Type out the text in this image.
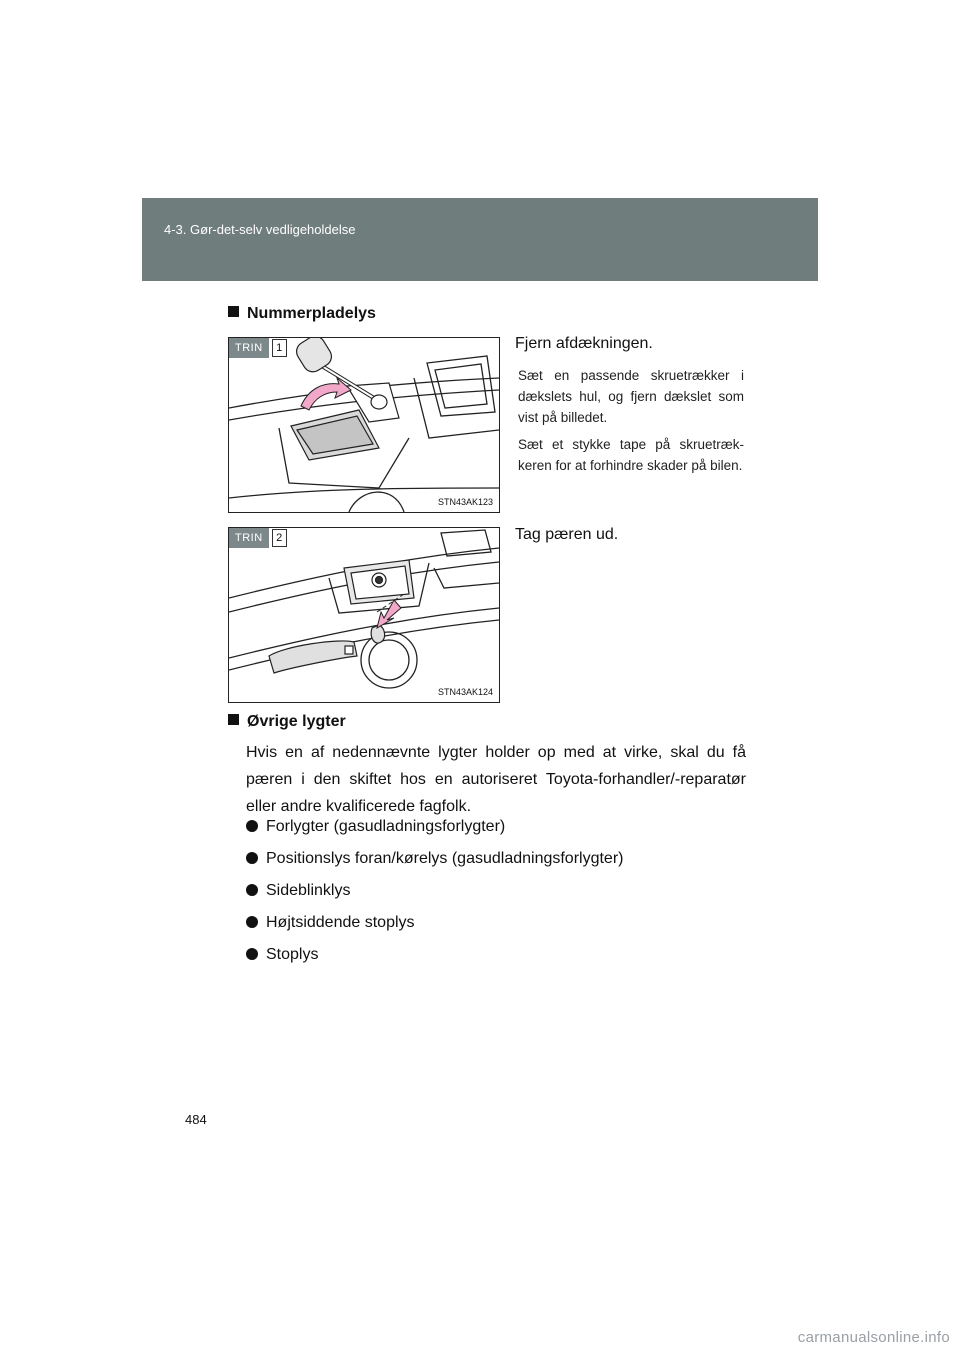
4-3. Gør-det-selv vedligeholdelse
Nummerpladelys
TRIN	1
STN43AK123
Fjern afdækningen.
Sæt en passende skruetrækker i dækslets hul, og fjern dækslet som vist på billedet.
Sæt et stykke tape på skruetræk-keren for at forhindre skader på bilen.
TRIN	2
STN43AK124
Tag pæren ud.
Øvrige lygter
Hvis en af nedennævnte lygter holder op med at virke, skal du få pæren i den skiftet hos en autoriseret Toyota-forhandler/-reparatør eller andre kvalificerede fagfolk.
Forlygter (gasudladningsforlygter)
Positionslys foran/kørelys (gasudladningsforlygter)
Sideblinklys
Højtsiddende stoplys
Stoplys
484
carmanualsonline.info
